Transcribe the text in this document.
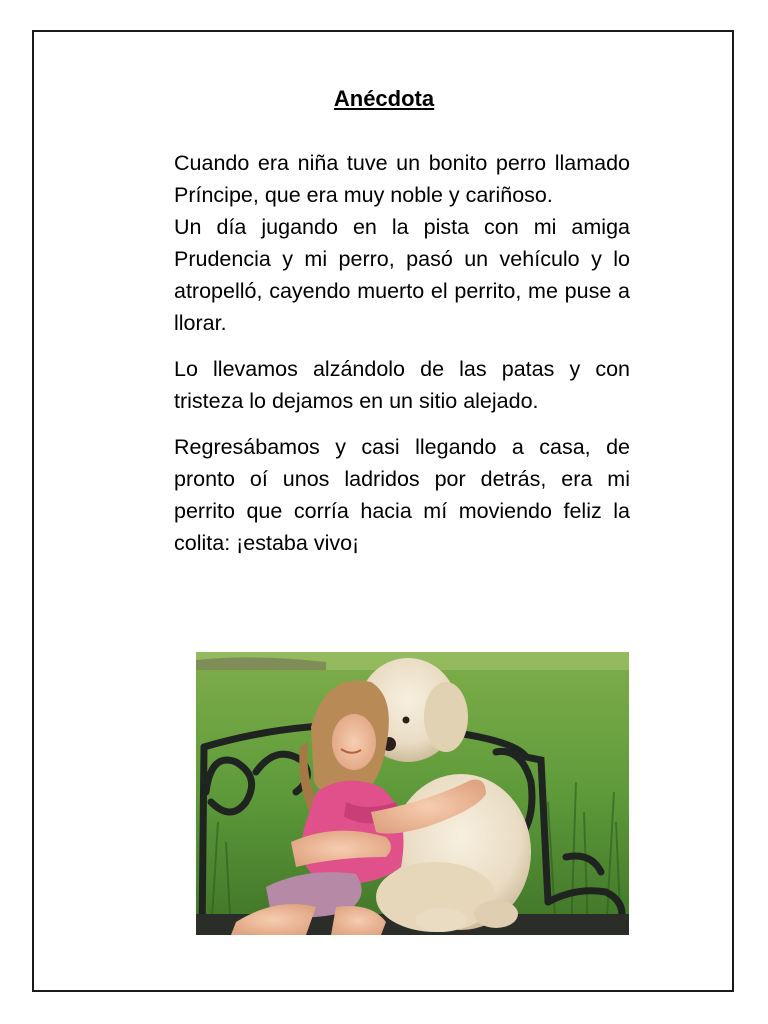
Anécdota

Cuando era niña tuve un bonito perro llamado Príncipe, que era muy noble y cariñoso.

Un día jugando en la pista con mi amiga Prudencia y mi perro, pasó un vehículo y lo atropelló, cayendo muerto el perrito, me puse a llorar.

Lo llevamos alzándolo de las patas y con tristeza lo dejamos en un sitio alejado.

Regresábamos y casi llegando a casa, de pronto oí unos ladridos por detrás, era mi perrito que corría hacia mí moviendo feliz la colita: ¡estaba vivo¡
